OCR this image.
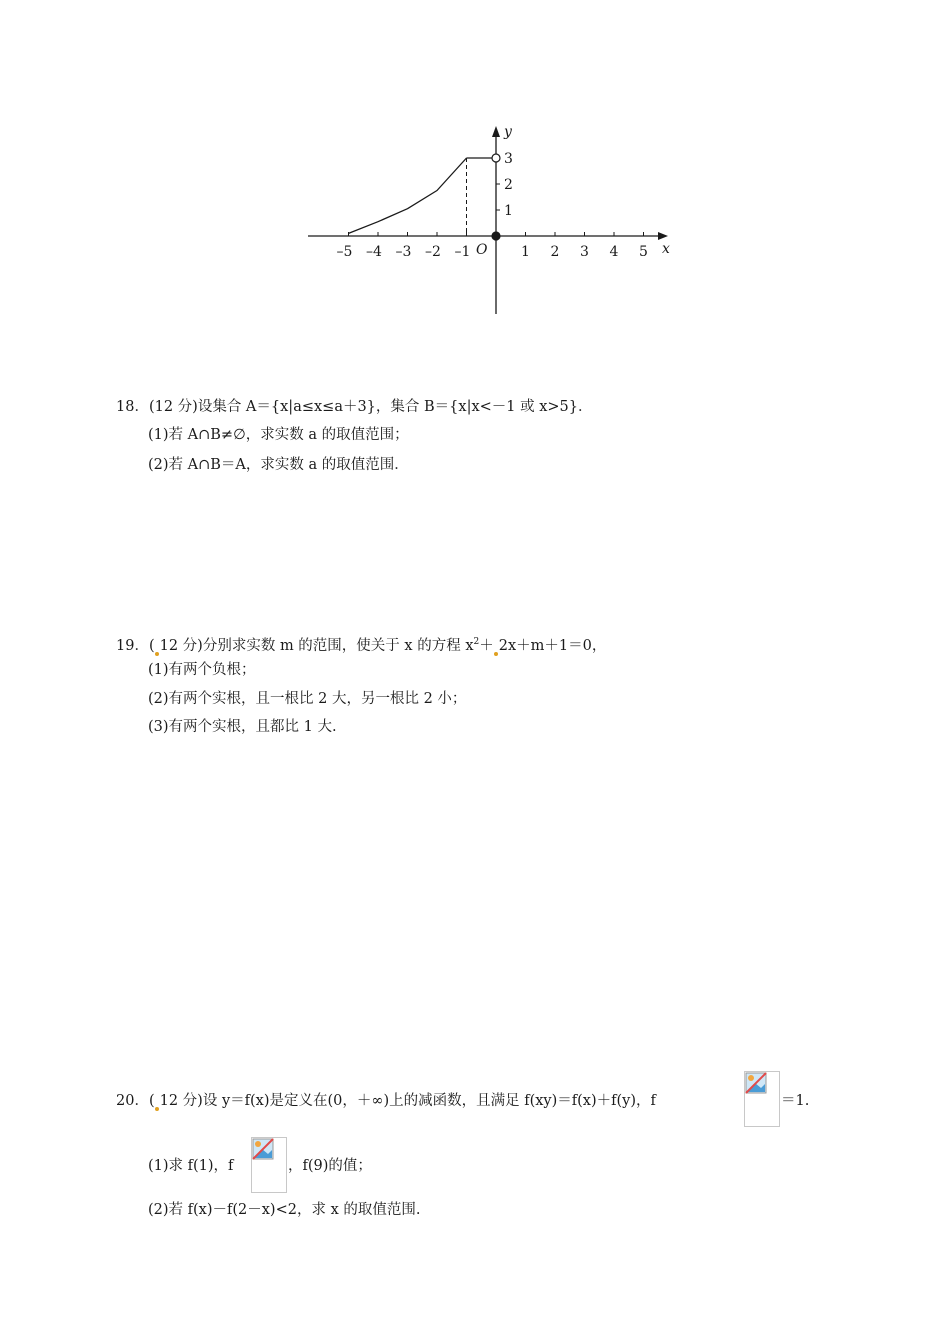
–5 –4 –3 –2 –1	1 2 3 4 5
1
2
3
O	x
y
18．(12 分)设集合 A＝{x|a≤x≤a＋3}，集合 B＝{x|x<－1 或 x>5}．
(1)若 A∩B≠∅，求实数 a 的取值范围；
(2)若 A∩B＝A，求实数 a 的取值范围．
19．( 12 分)分别求实数 m 的范围，使关于 x 的方程 $x^2+ 2x+m+1=0$，
(1)有两个负根；
(2)有两个实根，且一根比 2 大，另一根比 2 小；
(3)有两个实根，且都比 1 大.
20．( 12 分)设 y＝f(x)是定义在(0，＋∞)上的减函数，且满足 f(xy)＝f(x)＋f(y)，f	＝1.
(1)求 f(1)，f	，f(9)的值；
(2)若 f(x)－f(2－x)<2，求 x 的取值范围.
